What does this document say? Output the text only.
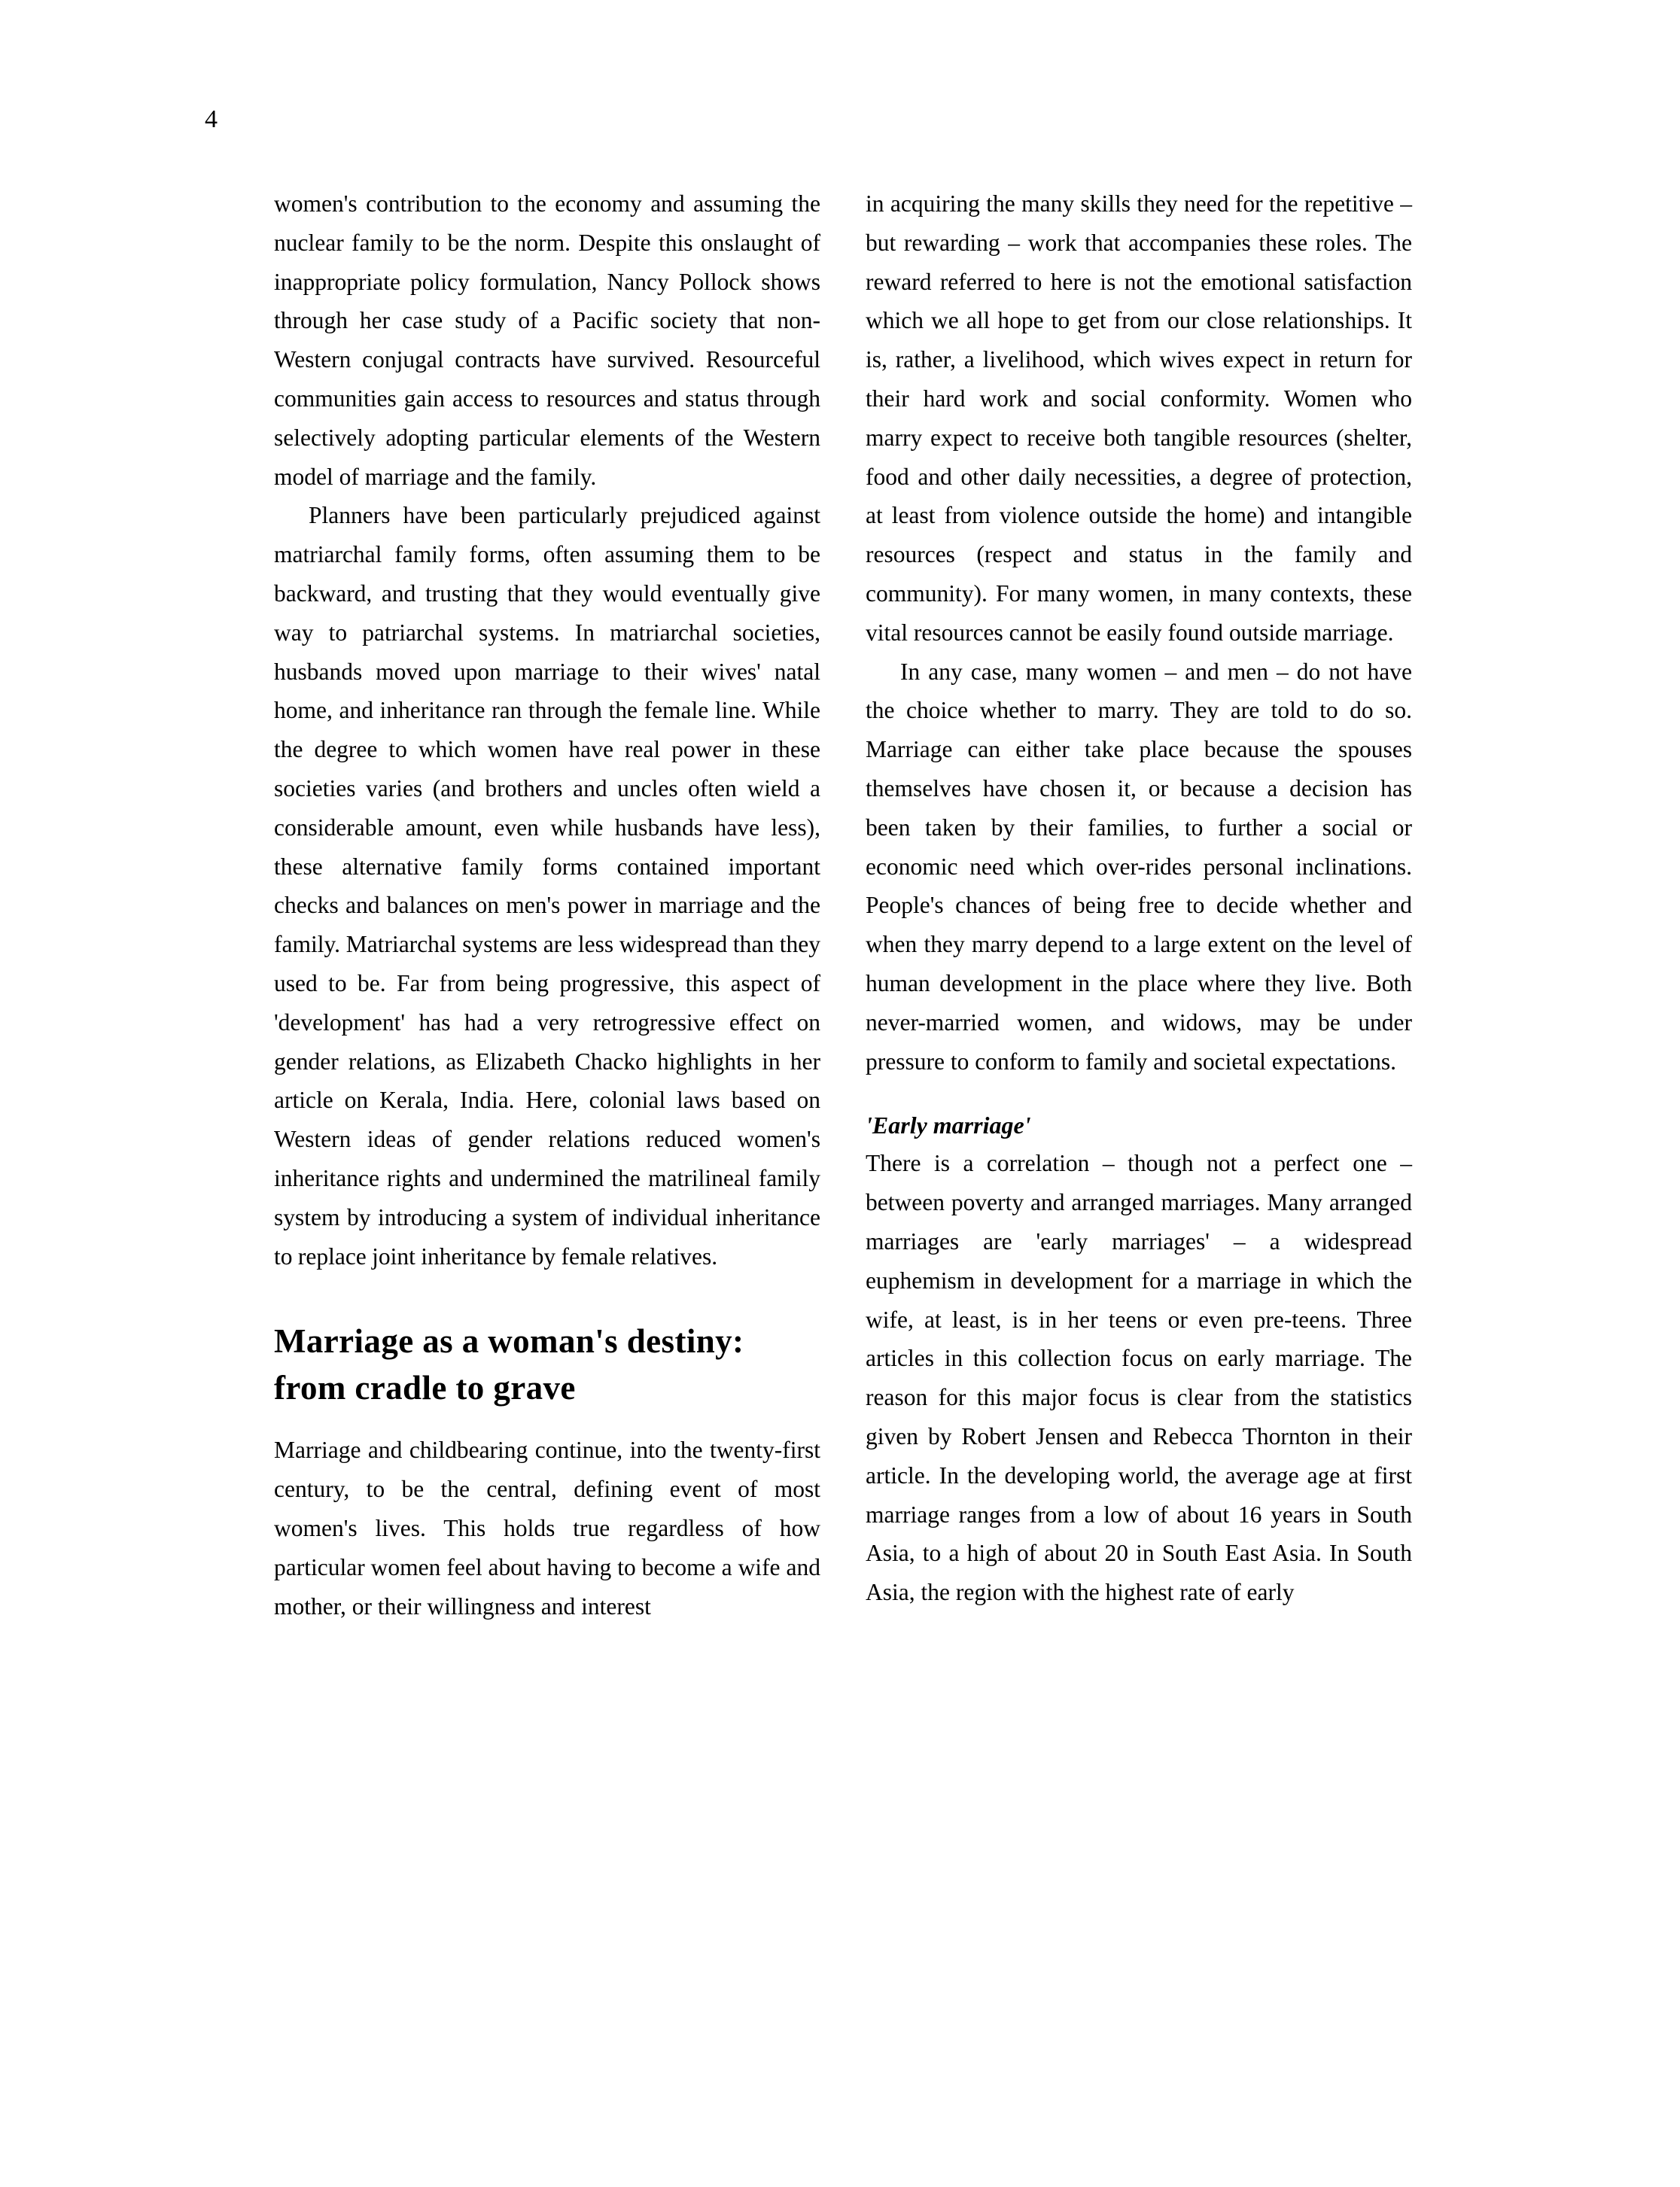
4

women's contribution to the economy and assuming the nuclear family to be the norm. Despite this onslaught of inappropriate policy formulation, Nancy Pollock shows through her case study of a Pacific society that non-Western conjugal contracts have survived. Resourceful communities gain access to resources and status through selectively adopting particular elements of the Western model of marriage and the family.

Planners have been particularly prejudiced against matriarchal family forms, often assuming them to be backward, and trusting that they would eventually give way to patriarchal systems. In matriarchal societies, husbands moved upon marriage to their wives' natal home, and inheritance ran through the female line. While the degree to which women have real power in these societies varies (and brothers and uncles often wield a considerable amount, even while husbands have less), these alternative family forms contained important checks and balances on men's power in marriage and the family. Matriarchal systems are less widespread than they used to be. Far from being progressive, this aspect of 'development' has had a very retrogressive effect on gender relations, as Elizabeth Chacko highlights in her article on Kerala, India. Here, colonial laws based on Western ideas of gender relations reduced women's inheritance rights and undermined the matrilineal family system by introducing a system of individual inheritance to replace joint inheritance by female relatives.

Marriage as a woman's destiny: from cradle to grave

Marriage and childbearing continue, into the twenty-first century, to be the central, defining event of most women's lives. This holds true regardless of how particular women feel about having to become a wife and mother, or their willingness and interest

in acquiring the many skills they need for the repetitive – but rewarding – work that accompanies these roles. The reward referred to here is not the emotional satisfaction which we all hope to get from our close relationships. It is, rather, a livelihood, which wives expect in return for their hard work and social conformity. Women who marry expect to receive both tangible resources (shelter, food and other daily necessities, a degree of protection, at least from violence outside the home) and intangible resources (respect and status in the family and community). For many women, in many contexts, these vital resources cannot be easily found outside marriage.

In any case, many women – and men – do not have the choice whether to marry. They are told to do so. Marriage can either take place because the spouses themselves have chosen it, or because a decision has been taken by their families, to further a social or economic need which over-rides personal inclinations. People's chances of being free to decide whether and when they marry depend to a large extent on the level of human development in the place where they live. Both never-married women, and widows, may be under pressure to conform to family and societal expectations.

'Early marriage'

There is a correlation – though not a perfect one – between poverty and arranged marriages. Many arranged marriages are 'early marriages' – a widespread euphemism in development for a marriage in which the wife, at least, is in her teens or even pre-teens. Three articles in this collection focus on early marriage. The reason for this major focus is clear from the statistics given by Robert Jensen and Rebecca Thornton in their article. In the developing world, the average age at first marriage ranges from a low of about 16 years in South Asia, to a high of about 20 in South East Asia. In South Asia, the region with the highest rate of early
